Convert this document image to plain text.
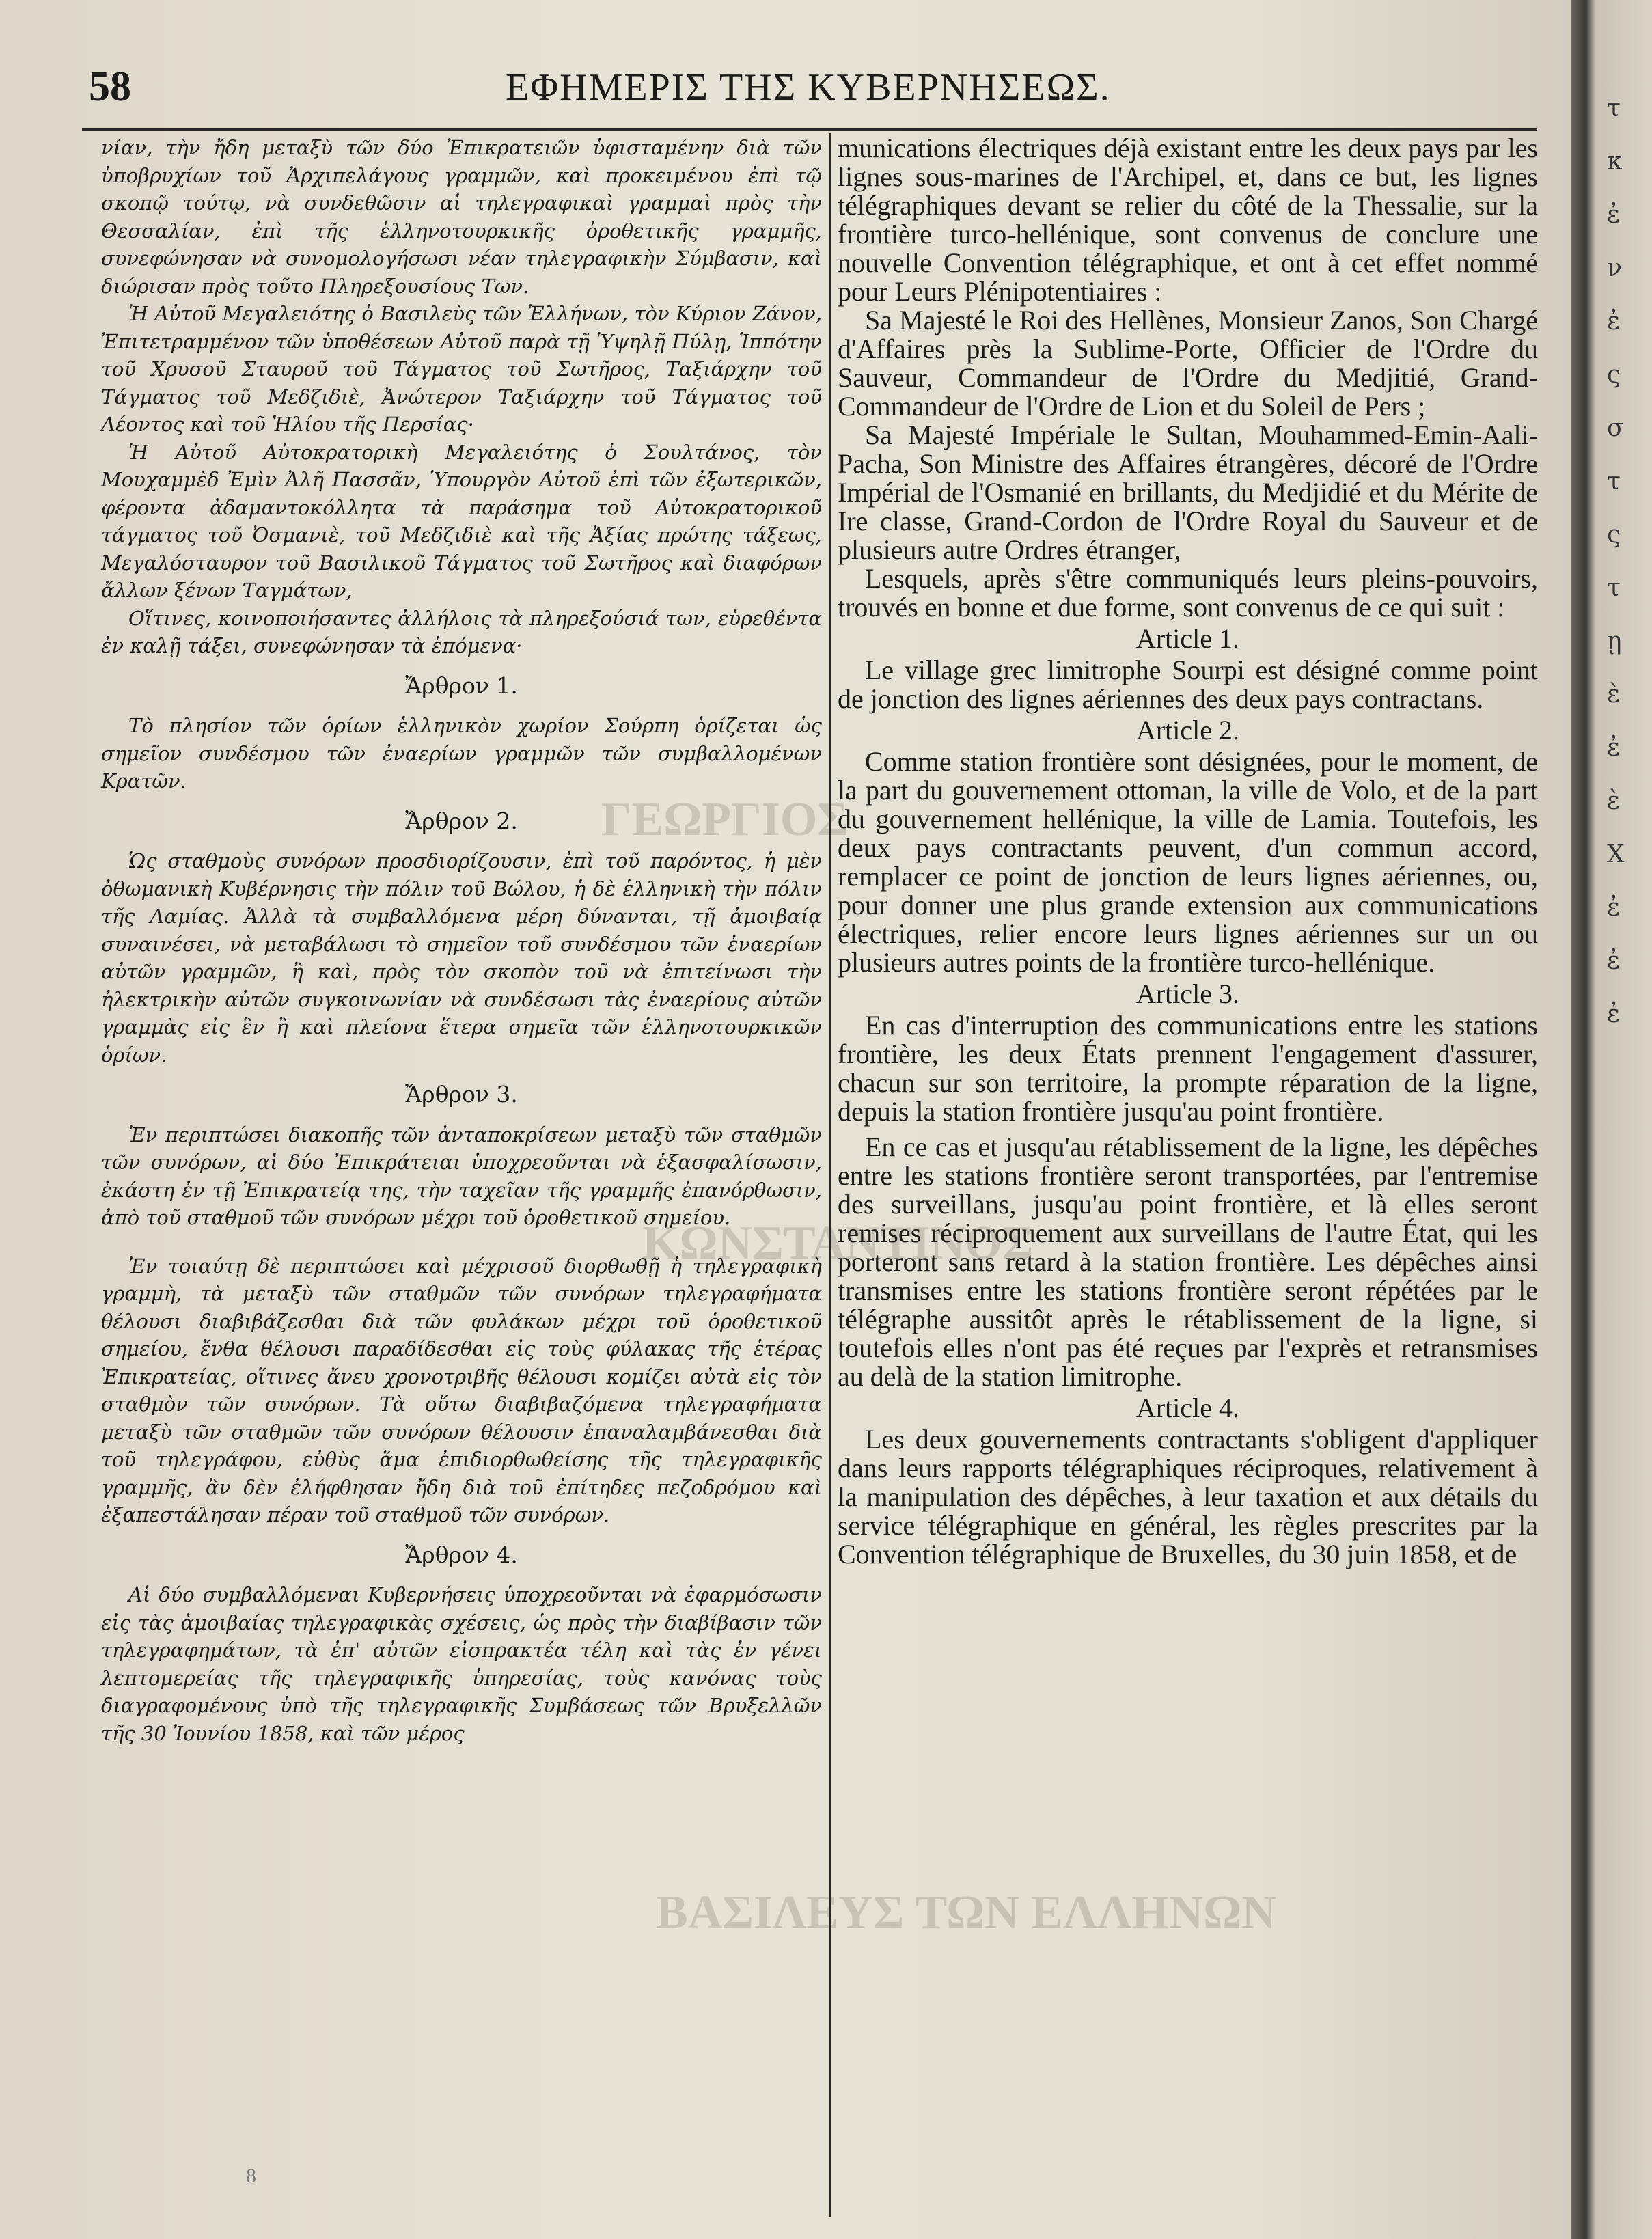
ΓΕΩΡΓΙΟΣ
ΚΩΝΣΤΑΝΤΙΝΟΣ
ΒΑΣΙΛΕΥΣ ΤΩΝ ΕΛΛΗΝΩΝ
58	ΕΦΗΜΕΡΙΣ ΤΗΣ ΚΥΒΕΡΝΗΣΕΩΣ.

νίαν, τὴν ἤδη μεταξὺ τῶν δύο Ἐπικρατειῶν ὑφισταμένην διὰ τῶν ὑποβρυχίων τοῦ Ἀρχιπελάγους γραμμῶν, καὶ προκειμένου ἐπὶ τῷ σκοπῷ τούτῳ, νὰ συνδεθῶσιν αἱ τηλεγραφικαὶ γραμμαὶ πρὸς τὴν Θεσσαλίαν, ἐπὶ τῆς ἑλληνοτουρκικῆς ὁροθετικῆς γραμμῆς, συνεφώνησαν νὰ συνομολογήσωσι νέαν τηλεγραφικὴν Σύμβασιν, καὶ διώρισαν πρὸς τοῦτο Πληρεξουσίους Των.

Ἡ Αὐτοῦ Μεγαλειότης ὁ Βασιλεὺς τῶν Ἑλλήνων, τὸν Κύριον Ζάνον, Ἐπιτετραμμένον τῶν ὑποθέσεων Αὐτοῦ παρὰ τῇ Ὑψηλῇ Πύλῃ, Ἱππότην τοῦ Χρυσοῦ Σταυροῦ τοῦ Τάγματος τοῦ Σωτῆρος, Ταξιάρχην τοῦ Τάγματος τοῦ Μεδζιδιὲ, Ἀνώτερον Ταξιάρχην τοῦ Τάγματος τοῦ Λέοντος καὶ τοῦ Ἡλίου τῆς Περσίας·

Ἡ Αὐτοῦ Αὐτοκρατορικὴ Μεγαλειότης ὁ Σουλτάνος, τὸν Μουχαμμὲδ Ἐμὶν Ἀλῆ Πασσᾶν, Ὑπουργὸν Αὐτοῦ ἐπὶ τῶν ἐξωτερικῶν, φέροντα ἀδαμαντοκόλλητα τὰ παράσημα τοῦ Αὐτοκρατορικοῦ τάγματος τοῦ Ὀσμανιὲ, τοῦ Μεδζιδιὲ καὶ τῆς Ἀξίας πρώτης τάξεως, Μεγαλόσταυρον τοῦ Βασιλικοῦ Τάγματος τοῦ Σωτῆρος καὶ διαφόρων ἄλλων ξένων Ταγμάτων,

Οἵτινες, κοινοποιήσαντες ἀλλήλοις τὰ πληρεξούσιά των, εὑρεθέντα ἐν καλῇ τάξει, συνεφώνησαν τὰ ἑπόμενα·

Ἄρθρον 1.

Τὸ πλησίον τῶν ὁρίων ἑλληνικὸν χωρίον Σούρπη ὁρίζεται ὡς σημεῖον συνδέσμου τῶν ἐναερίων γραμμῶν τῶν συμβαλλομένων Κρατῶν.

Ἄρθρον 2.

Ὡς σταθμοὺς συνόρων προσδιορίζουσιν, ἐπὶ τοῦ παρόντος, ἡ μὲν ὀθωμανικὴ Κυβέρνησις τὴν πόλιν τοῦ Βώλου, ἡ δὲ ἑλληνικὴ τὴν πόλιν τῆς Λαμίας. Ἀλλὰ τὰ συμβαλλόμενα μέρη δύνανται, τῇ ἀμοιβαίᾳ συναινέσει, νὰ μεταβάλωσι τὸ σημεῖον τοῦ συνδέσμου τῶν ἐναερίων αὐτῶν γραμμῶν, ἢ καὶ, πρὸς τὸν σκοπὸν τοῦ νὰ ἐπιτείνωσι τὴν ἠλεκτρικὴν αὐτῶν συγκοινωνίαν νὰ συνδέσωσι τὰς ἐναερίους αὐτῶν γραμμὰς εἰς ἓν ἢ καὶ πλείονα ἕτερα σημεῖα τῶν ἑλληνοτουρκικῶν ὁρίων.

Ἄρθρον 3.

Ἐν περιπτώσει διακοπῆς τῶν ἀνταποκρίσεων μεταξὺ τῶν σταθμῶν τῶν συνόρων, αἱ δύο Ἐπικράτειαι ὑποχρεοῦνται νὰ ἐξασφαλίσωσιν, ἑκάστη ἐν τῇ Ἐπικρατείᾳ της, τὴν ταχεῖαν τῆς γραμμῆς ἐπανόρθωσιν, ἀπὸ τοῦ σταθμοῦ τῶν συνόρων μέχρι τοῦ ὁροθετικοῦ σημείου.

Ἐν τοιαύτῃ δὲ περιπτώσει καὶ μέχρισοῦ διορθωθῇ ἡ τηλεγραφικὴ γραμμὴ, τὰ μεταξὺ τῶν σταθμῶν τῶν συνόρων τηλεγραφήματα θέλουσι διαβιβάζεσθαι διὰ τῶν φυλάκων μέχρι τοῦ ὁροθετικοῦ σημείου, ἔνθα θέλουσι παραδίδεσθαι εἰς τοὺς φύλακας τῆς ἑτέρας Ἐπικρατείας, οἵτινες ἄνευ χρονοτριβῆς θέλουσι κομίζει αὐτὰ εἰς τὸν σταθμὸν τῶν συνόρων. Τὰ οὕτω διαβιβαζόμενα τηλεγραφήματα μεταξὺ τῶν σταθμῶν τῶν συνόρων θέλουσιν ἐπαναλαμβάνεσθαι διὰ τοῦ τηλεγράφου, εὐθὺς ἅμα ἐπιδιορθωθείσης τῆς τηλεγραφικῆς γραμμῆς, ἂν δὲν ἐλήφθησαν ἤδη διὰ τοῦ ἐπίτηδες πεζοδρόμου καὶ ἐξαπεστάλησαν πέραν τοῦ σταθμοῦ τῶν συνόρων.

Ἄρθρον 4.

Αἱ δύο συμβαλλόμεναι Κυβερνήσεις ὑποχρεοῦνται νὰ ἐφαρμόσωσιν εἰς τὰς ἀμοιβαίας τηλεγραφικὰς σχέσεις, ὡς πρὸς τὴν διαβίβασιν τῶν τηλεγραφημάτων, τὰ ἐπ' αὐτῶν εἰσπρακτέα τέλη καὶ τὰς ἐν γένει λεπτομερείας τῆς τηλεγραφικῆς ὑπηρεσίας, τοὺς κανόνας τοὺς διαγραφομένους ὑπὸ τῆς τηλεγραφικῆς Συμβάσεως τῶν Βρυξελλῶν τῆς 30 Ἰουνίου 1858, καὶ τῶν μέρος

munications électriques déjà existant entre les deux pays par les lignes sous-marines de l'Archipel, et, dans ce but, les lignes télégraphiques devant se relier du côté de la Thessalie, sur la frontière turco-hellénique, sont convenus de conclure une nouvelle Convention télégraphique, et ont à cet effet nommé pour Leurs Plénipotentiaires :

Sa Majesté le Roi des Hellènes, Monsieur Zanos, Son Chargé d'Affaires près la Sublime-Porte, Officier de l'Ordre du Sauveur, Commandeur de l'Ordre du Medjitié, Grand-Commandeur de l'Ordre de Lion et du Soleil de Pers ;

Sa Majesté Impériale le Sultan, Mouhammed-Emin-Aali-Pacha, Son Ministre des Affaires étrangères, décoré de l'Ordre Impérial de l'Osmanié en brillants, du Medjidié et du Mérite de Ire classe, Grand-Cordon de l'Ordre Royal du Sauveur et de plusieurs autre Ordres étranger,

Lesquels, après s'être communiqués leurs pleins-pouvoirs, trouvés en bonne et due forme, sont convenus de ce qui suit :

Article 1.

Le village grec limitrophe Sourpi est désigné comme point de jonction des lignes aériennes des deux pays contractans.

Article 2.

Comme station frontière sont désignées, pour le moment, de la part du gouvernement ottoman, la ville de Volo, et de la part du gouvernement hellénique, la ville de Lamia. Toutefois, les deux pays contractants peuvent, d'un commun accord, remplacer ce point de jonction de leurs lignes aériennes, ou, pour donner une plus grande extension aux communications électriques, relier encore leurs lignes aériennes sur un ou plusieurs autres points de la frontière turco-hellénique.

Article 3.

En cas d'interruption des communications entre les stations frontière, les deux États prennent l'engagement d'assurer, chacun sur son territoire, la prompte réparation de la ligne, depuis la station frontière jusqu'au point frontière.

En ce cas et jusqu'au rétablissement de la ligne, les dépêches entre les stations frontière seront transportées, par l'entremise des surveillans, jusqu'au point frontière, et là elles seront remises réciproquement aux surveillans de l'autre État, qui les porteront sans retard à la station frontière. Les dépêches ainsi transmises entre les stations frontière seront répétées par le télégraphe aussitôt après le rétablissement de la ligne, si toutefois elles n'ont pas été reçues par l'exprès et retransmises au delà de la station limitrophe.

Article 4.

Les deux gouvernements contractants s'obligent d'appliquer dans leurs rapports télégraphiques réciproques, relativement à la manipulation des dépêches, à leur taxation et aux détails du service télégraphique en général, les règles prescrites par la Convention télégraphique de Bruxelles, du 30 juin 1858, et de

8
τ
κ
ἐ
ν
ἐ
ς
σ
τ
ς
τ
ῃ
ὲ
ἐ
ὲ
Χ
ἐ
ἐ
ἐ
